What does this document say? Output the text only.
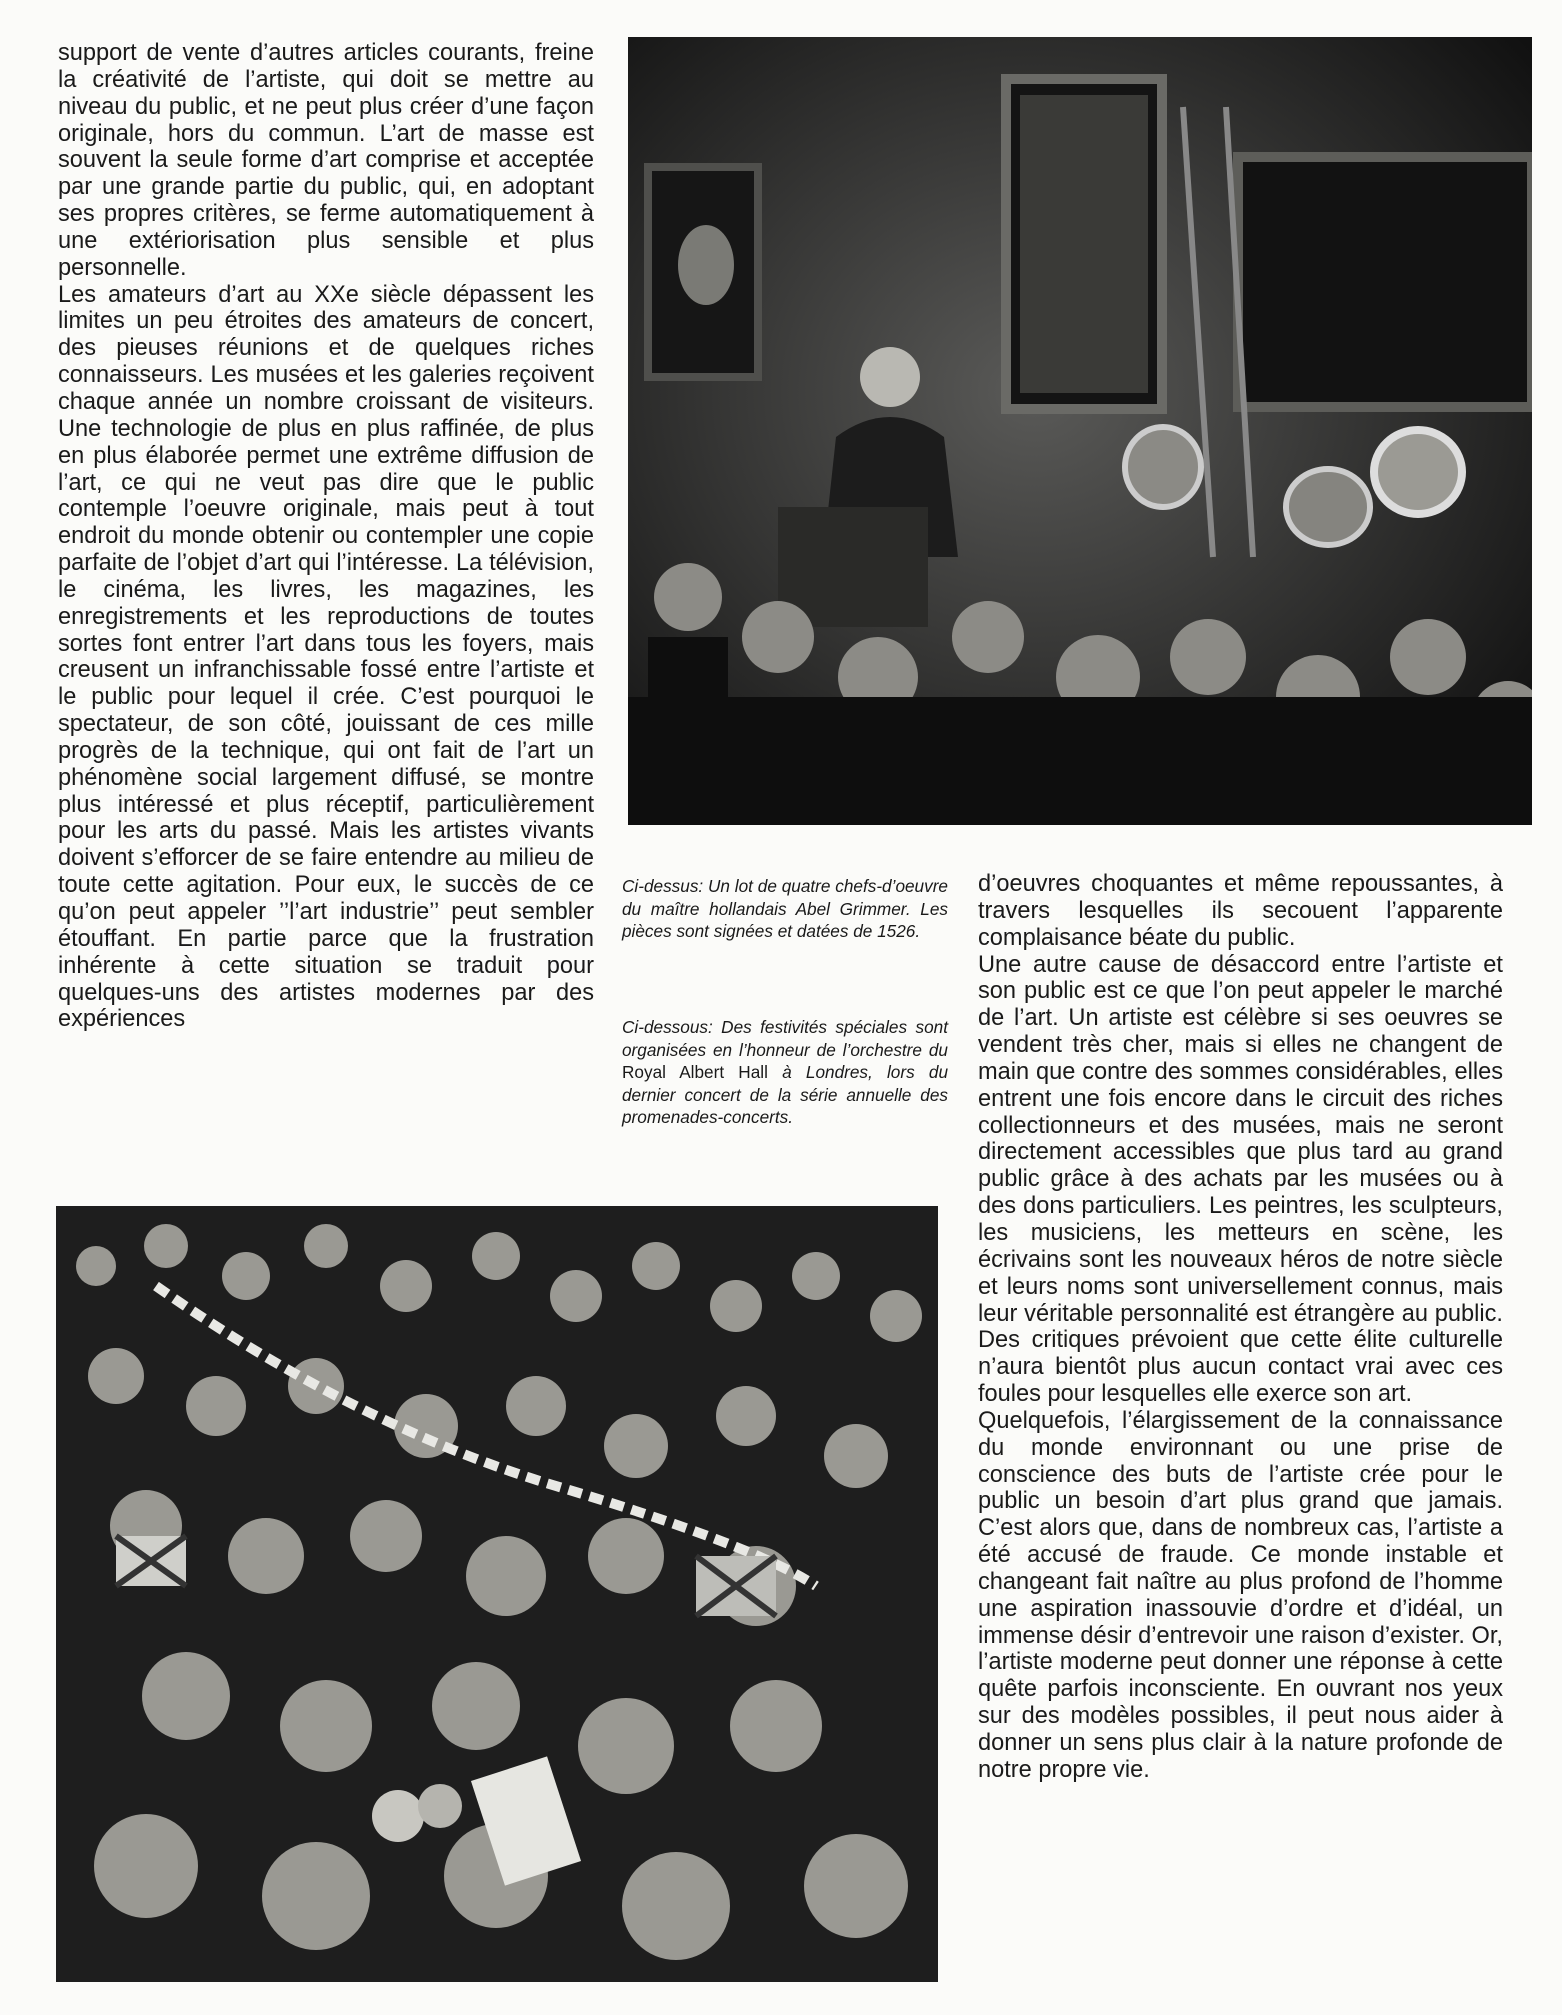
support de vente d’autres articles courants, freine la créativité de l’artiste, qui doit se mettre au niveau du public, et ne peut plus créer d’une façon originale, hors du commun. L’art de masse est souvent la seule forme d’art comprise et acceptée par une grande partie du public, qui, en adoptant ses propres critères, se ferme automatiquement à une extériorisation plus sensible et plus personnelle.

Les amateurs d’art au XXe siècle dépassent les limites un peu étroites des amateurs de concert, des pieuses réunions et de quelques riches connaisseurs. Les musées et les galeries reçoivent chaque année un nombre croissant de visiteurs. Une technologie de plus en plus raffinée, de plus en plus élaborée permet une extrême diffusion de l’art, ce qui ne veut pas dire que le public contemple l’oeuvre originale, mais peut à tout endroit du monde obtenir ou contempler une copie parfaite de l’objet d’art qui l’intéresse. La télévision, le cinéma, les livres, les magazines, les enregistrements et les reproductions de toutes sortes font entrer l’art dans tous les foyers, mais creusent un infranchissable fossé entre l’artiste et le public pour lequel il crée. C’est pourquoi le spectateur, de son côté, jouissant de ces mille progrès de la technique, qui ont fait de l’art un phénomène social largement diffusé, se montre plus intéressé et plus réceptif, particulièrement pour les arts du passé. Mais les artistes vivants doivent s’efforcer de se faire entendre au milieu de toute cette agitation. Pour eux, le succès de ce qu’on peut appeler ’’l’art industrie’’ peut sembler étouffant. En partie parce que la frustration inhérente à cette situation se traduit pour quelques-uns des artistes modernes par des expériences

Ci-dessus: Un lot de quatre chefs-d’oeuvre du maître hollandais Abel Grimmer. Les pièces sont signées et datées de 1526.
Ci-dessous: Des festivités spéciales sont organisées en l’honneur de l’orchestre du Royal Albert Hall à Londres, lors du dernier concert de la série annuelle des promenades-concerts.

d’oeuvres choquantes et même repoussantes, à travers lesquelles ils secouent l’apparente complaisance béate du public.

Une autre cause de désaccord entre l’artiste et son public est ce que l’on peut appeler le marché de l’art. Un artiste est célèbre si ses oeuvres se vendent très cher, mais si elles ne changent de main que contre des sommes considérables, elles entrent une fois encore dans le circuit des riches collectionneurs et des musées, mais ne seront directement accessibles que plus tard au grand public grâce à des achats par les musées ou à des dons particuliers. Les peintres, les sculpteurs, les musiciens, les metteurs en scène, les écrivains sont les nouveaux héros de notre siècle et leurs noms sont universellement connus, mais leur véritable personnalité est étrangère au public. Des critiques prévoient que cette élite culturelle n’aura bientôt plus aucun contact vrai avec ces foules pour lesquelles elle exerce son art.

Quelquefois, l’élargissement de la connaissance du monde environnant ou une prise de conscience des buts de l’artiste crée pour le public un besoin d’art plus grand que jamais. C’est alors que, dans de nombreux cas, l’artiste a été accusé de fraude. Ce monde instable et changeant fait naître au plus profond de l’homme une aspiration inassouvie d’ordre et d’idéal, un immense désir d’entrevoir une raison d’exister. Or, l’artiste moderne peut donner une réponse à cette quête parfois inconsciente. En ouvrant nos yeux sur des modèles possibles, il peut nous aider à donner un sens plus clair à la nature profonde de notre propre vie.
